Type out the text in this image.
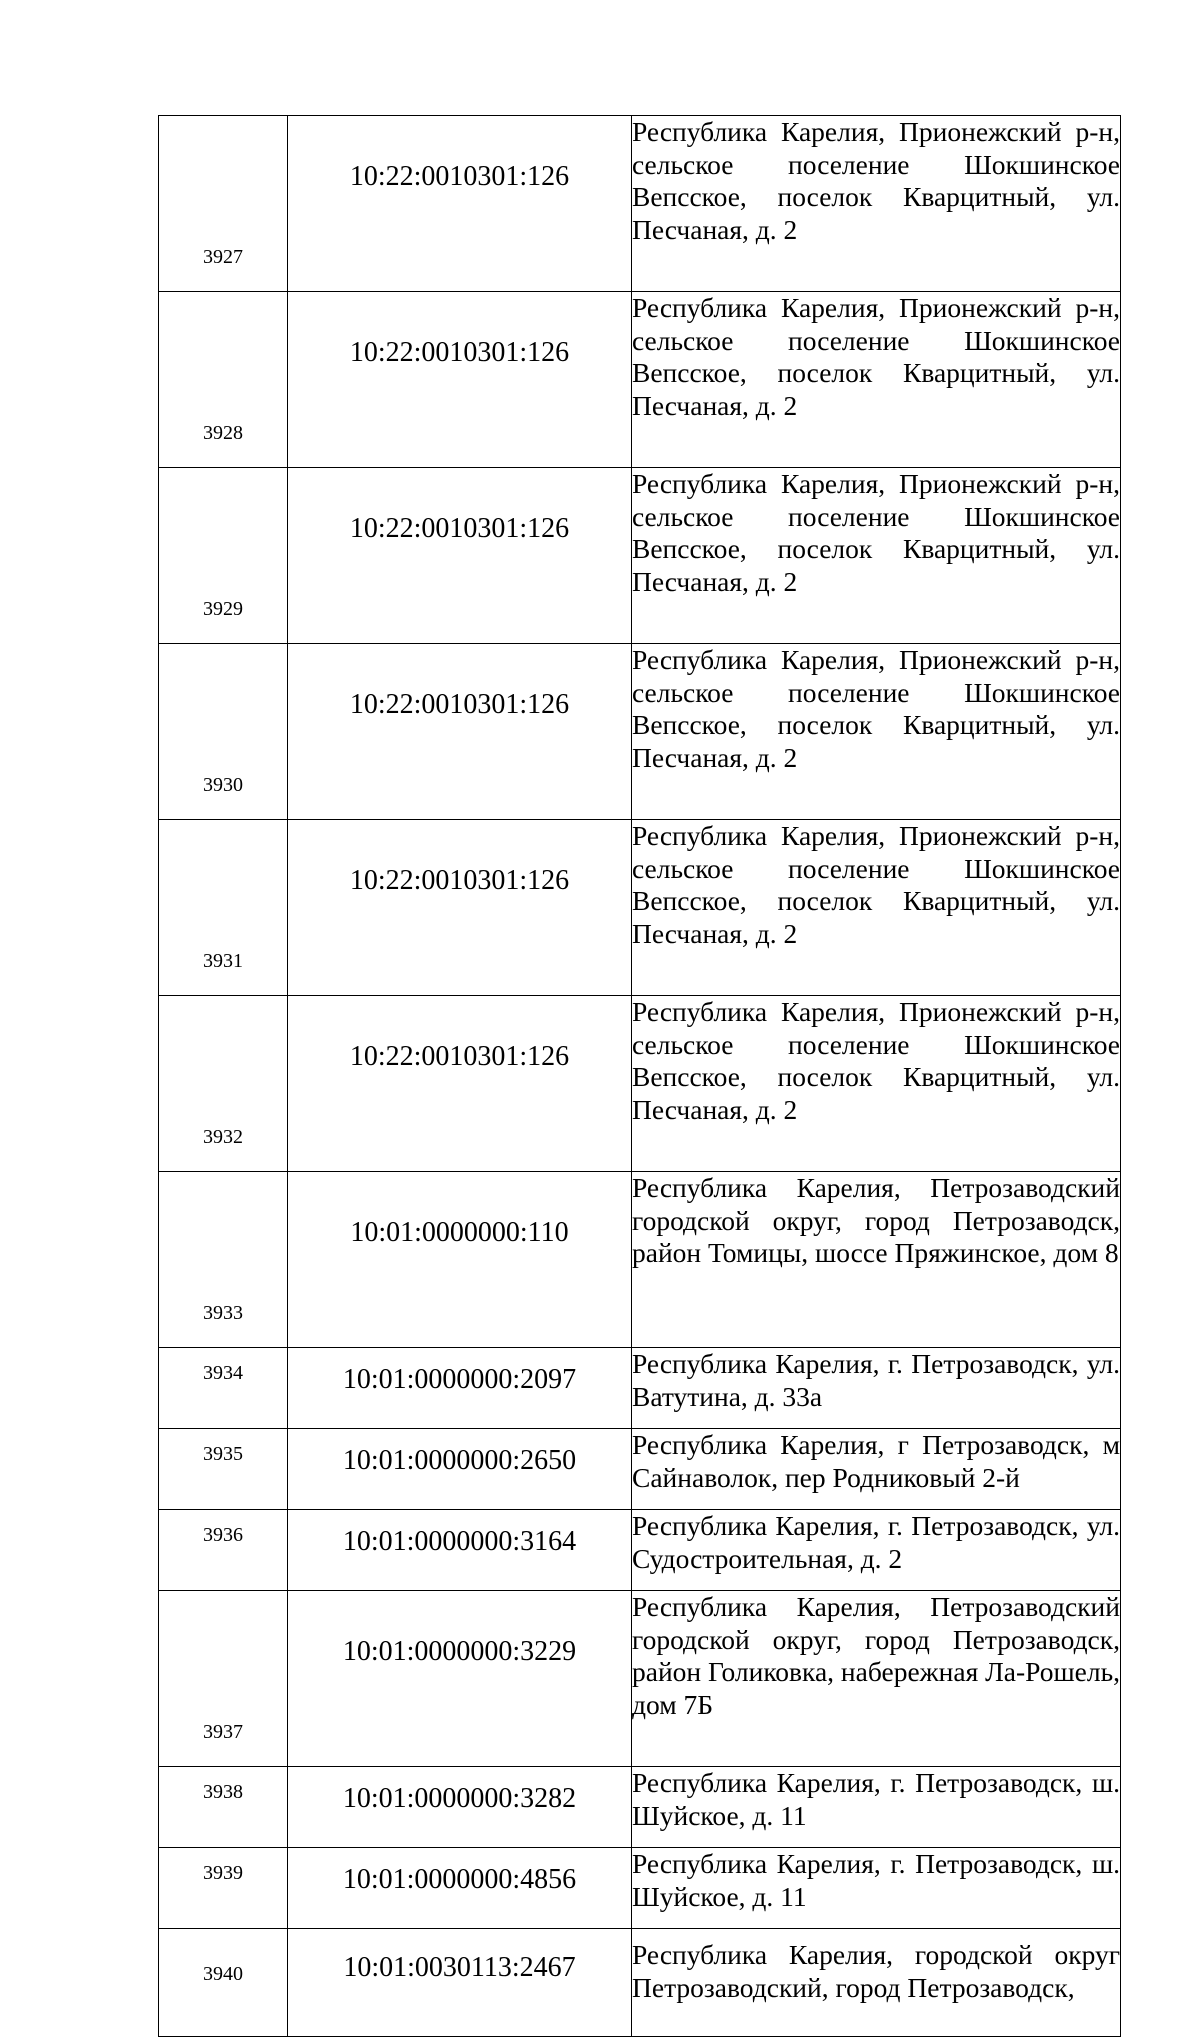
3927	10:22:0010301:126	Республика Карелия, Прионежский р-н, сельское поселение Шокшинское Вепсское, поселок Кварцитный, ул. Песчаная, д. 2

3928	10:22:0010301:126	Республика Карелия, Прионежский р-н, сельское поселение Шокшинское Вепсское, поселок Кварцитный, ул. Песчаная, д. 2

3929	10:22:0010301:126	Республика Карелия, Прионежский р-н, сельское поселение Шокшинское Вепсское, поселок Кварцитный, ул. Песчаная, д. 2

3930	10:22:0010301:126	Республика Карелия, Прионежский р-н, сельское поселение Шокшинское Вепсское, поселок Кварцитный, ул. Песчаная, д. 2

3931	10:22:0010301:126	Республика Карелия, Прионежский р-н, сельское поселение Шокшинское Вепсское, поселок Кварцитный, ул. Песчаная, д. 2

3932	10:22:0010301:126	Республика Карелия, Прионежский р-н, сельское поселение Шокшинское Вепсское, поселок Кварцитный, ул. Песчаная, д. 2

3933	10:01:0000000:110	Республика Карелия, Петрозаводский городской округ, город Петрозаводск, район Томицы, шоссе Пряжинское, дом 8

3934	10:01:0000000:2097	Республика Карелия, г. Петрозаводск, ул. Ватутина, д. 33а

3935	10:01:0000000:2650	Республика Карелия, г Петрозаводск, м Сайнаволок, пер Родниковый 2-й

3936	10:01:0000000:3164	Республика Карелия, г. Петрозаводск, ул. Судостроительная, д. 2

3937	10:01:0000000:3229	Республика Карелия, Петрозаводский городской округ, город Петрозаводск, район Голиковка, набережная Ла-Рошель, дом 7Б

3938	10:01:0000000:3282	Республика Карелия, г. Петрозаводск, ш. Шуйское, д. 11

3939	10:01:0000000:4856	Республика Карелия, г. Петрозаводск, ш. Шуйское, д. 11

3940	10:01:0030113:2467	Республика Карелия, городской округ Петрозаводский, город Петрозаводск,
